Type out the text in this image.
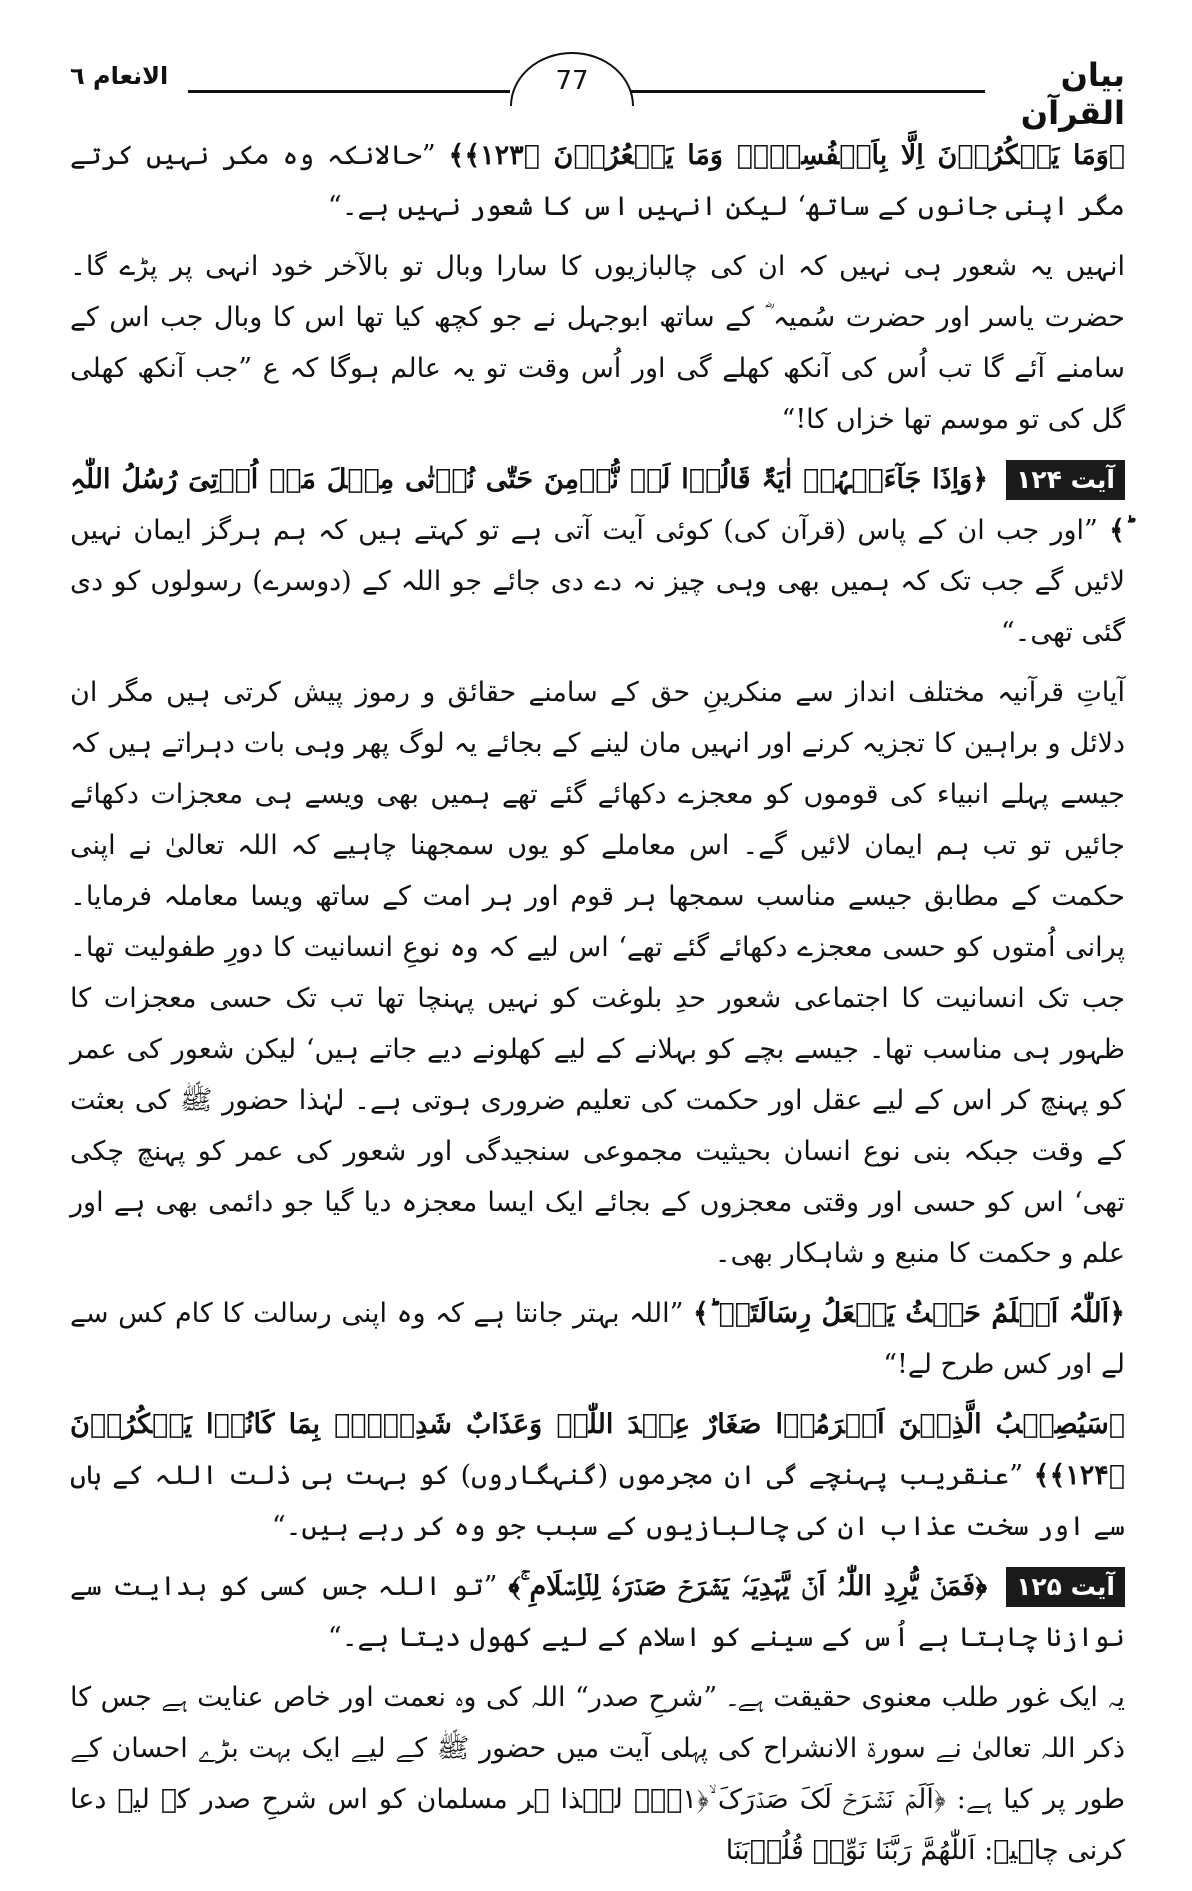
الانعام ٦	77	بیان القرآن

﴿وَمَا یَمۡکُرُوۡنَ اِلَّا بِاَنۡفُسِہِمۡ وَمَا یَشۡعُرُوۡنَ ﴿۱۲۳﴾﴾ ”حالانکہ وہ مکر نہیں کرتے مگر اپنی جانوں کے ساتھ‘ لیکن انہیں اس کا شعور نہیں ہے۔“

انہیں یہ شعور ہی نہیں کہ ان کی چالبازیوں کا سارا وبال تو بالآخر خود انہی پر پڑے گا۔ حضرت یاسر اور حضرت سُمیہ ؓ کے ساتھ ابوجہل نے جو کچھ کیا تھا اس کا وبال جب اس کے سامنے آئے گا تب اُس کی آنکھ کھلے گی اور اُس وقت تو یہ عالم ہوگا کہ ع ”جب آنکھ کھلی گل کی تو موسم تھا خزاں کا!“

آیت ۱۲۴ ﴿وَاِذَا جَآءَتۡہُمۡ اٰیَۃٌ قَالُوۡا لَنۡ نُّؤۡمِنَ حَتّٰی نُؤۡتٰی مِثۡلَ مَاۤ اُوۡتِیَ رُسُلُ اللّٰہِ ؕ﴾ ”اور جب ان کے پاس (قرآن کی) کوئی آیت آتی ہے تو کہتے ہیں کہ ہم ہرگز ایمان نہیں لائیں گے جب تک کہ ہمیں بھی وہی چیز نہ دے دی جائے جو اللہ کے (دوسرے) رسولوں کو دی گئی تھی۔“

آیاتِ قرآنیہ مختلف انداز سے منکرینِ حق کے سامنے حقائق و رموز پیش کرتی ہیں مگر ان دلائل و براہین کا تجزیہ کرنے اور انہیں مان لینے کے بجائے یہ لوگ پھر وہی بات دہراتے ہیں کہ جیسے پہلے انبیاء کی قوموں کو معجزے دکھائے گئے تھے ہمیں بھی ویسے ہی معجزات دکھائے جائیں تو تب ہم ایمان لائیں گے۔ اس معاملے کو یوں سمجھنا چاہیے کہ اللہ تعالیٰ نے اپنی حکمت کے مطابق جیسے مناسب سمجھا ہر قوم اور ہر امت کے ساتھ ویسا معاملہ فرمایا۔ پرانی اُمتوں کو حسی معجزے دکھائے گئے تھے‘ اس لیے کہ وہ نوعِ انسانیت کا دورِ طفولیت تھا۔ جب تک انسانیت کا اجتماعی شعور حدِ بلوغت کو نہیں پہنچا تھا تب تک حسی معجزات کا ظہور ہی مناسب تھا۔ جیسے بچے کو بہلانے کے لیے کھلونے دیے جاتے ہیں‘ لیکن شعور کی عمر کو پہنچ کر اس کے لیے عقل اور حکمت کی تعلیم ضروری ہوتی ہے۔ لہٰذا حضور ﷺ کی بعثت کے وقت جبکہ بنی نوع انسان بحیثیت مجموعی سنجیدگی اور شعور کی عمر کو پہنچ چکی تھی‘ اس کو حسی اور وقتی معجزوں کے بجائے ایک ایسا معجزہ دیا گیا جو دائمی بھی ہے اور علم و حکمت کا منبع و شاہکار بھی۔

﴿اَللّٰہُ اَعۡلَمُ حَیۡثُ یَجۡعَلُ رِسَالَتَہٗ ؕ﴾ ”اللہ بہتر جانتا ہے کہ وہ اپنی رسالت کا کام کس سے لے اور کس طرح لے!“

﴿سَیُصِیۡبُ الَّذِیۡنَ اَجۡرَمُوۡا صَغَارٌ عِنۡدَ اللّٰہِ وَعَذَابٌ شَدِیۡدٌۢ بِمَا کَانُوۡا یَمۡکُرُوۡنَ ﴿۱۲۴﴾﴾ ”عنقریب پہنچے گی ان مجرموں (گنہگاروں) کو بہت ہی ذلت اللہ کے ہاں سے اور سخت عذاب ان کی چالبازیوں کے سبب جو وہ کر رہے ہیں۔“

آیت ۱۲۵ ﴿فَمَنۡ یُّرِدِ اللّٰہُ اَنۡ یَّہۡدِیَہٗ یَشۡرَحۡ صَدۡرَہٗ لِلۡاِسۡلَامِ ۚ﴾ ”تو اللہ جس کسی کو ہدایت سے نوازنا چاہتا ہے اُس کے سینے کو اسلام کے لیے کھول دیتا ہے۔“

یہ ایک غور طلب معنوی حقیقت ہے۔ ”شرحِ صدر“ اللہ کی وہ نعمت اور خاص عنایت ہے جس کا ذکر اللہ تعالیٰ نے سورۃ الانشراح کی پہلی آیت میں حضور ﷺ کے لیے ایک بہت بڑے احسان کے طور پر کیا ہے: ﴿اَلَمۡ نَشۡرَحۡ لَکَ صَدۡرَکَ ۙ﴿۱﴾﴾۔ لہٰذا ہر مسلمان کو اس شرحِ صدر کے لیے دعا کرنی چاہیے: اَللّٰھُمَّ رَبَّنَا نَوِّرۡ قُلُوۡبَنَا
